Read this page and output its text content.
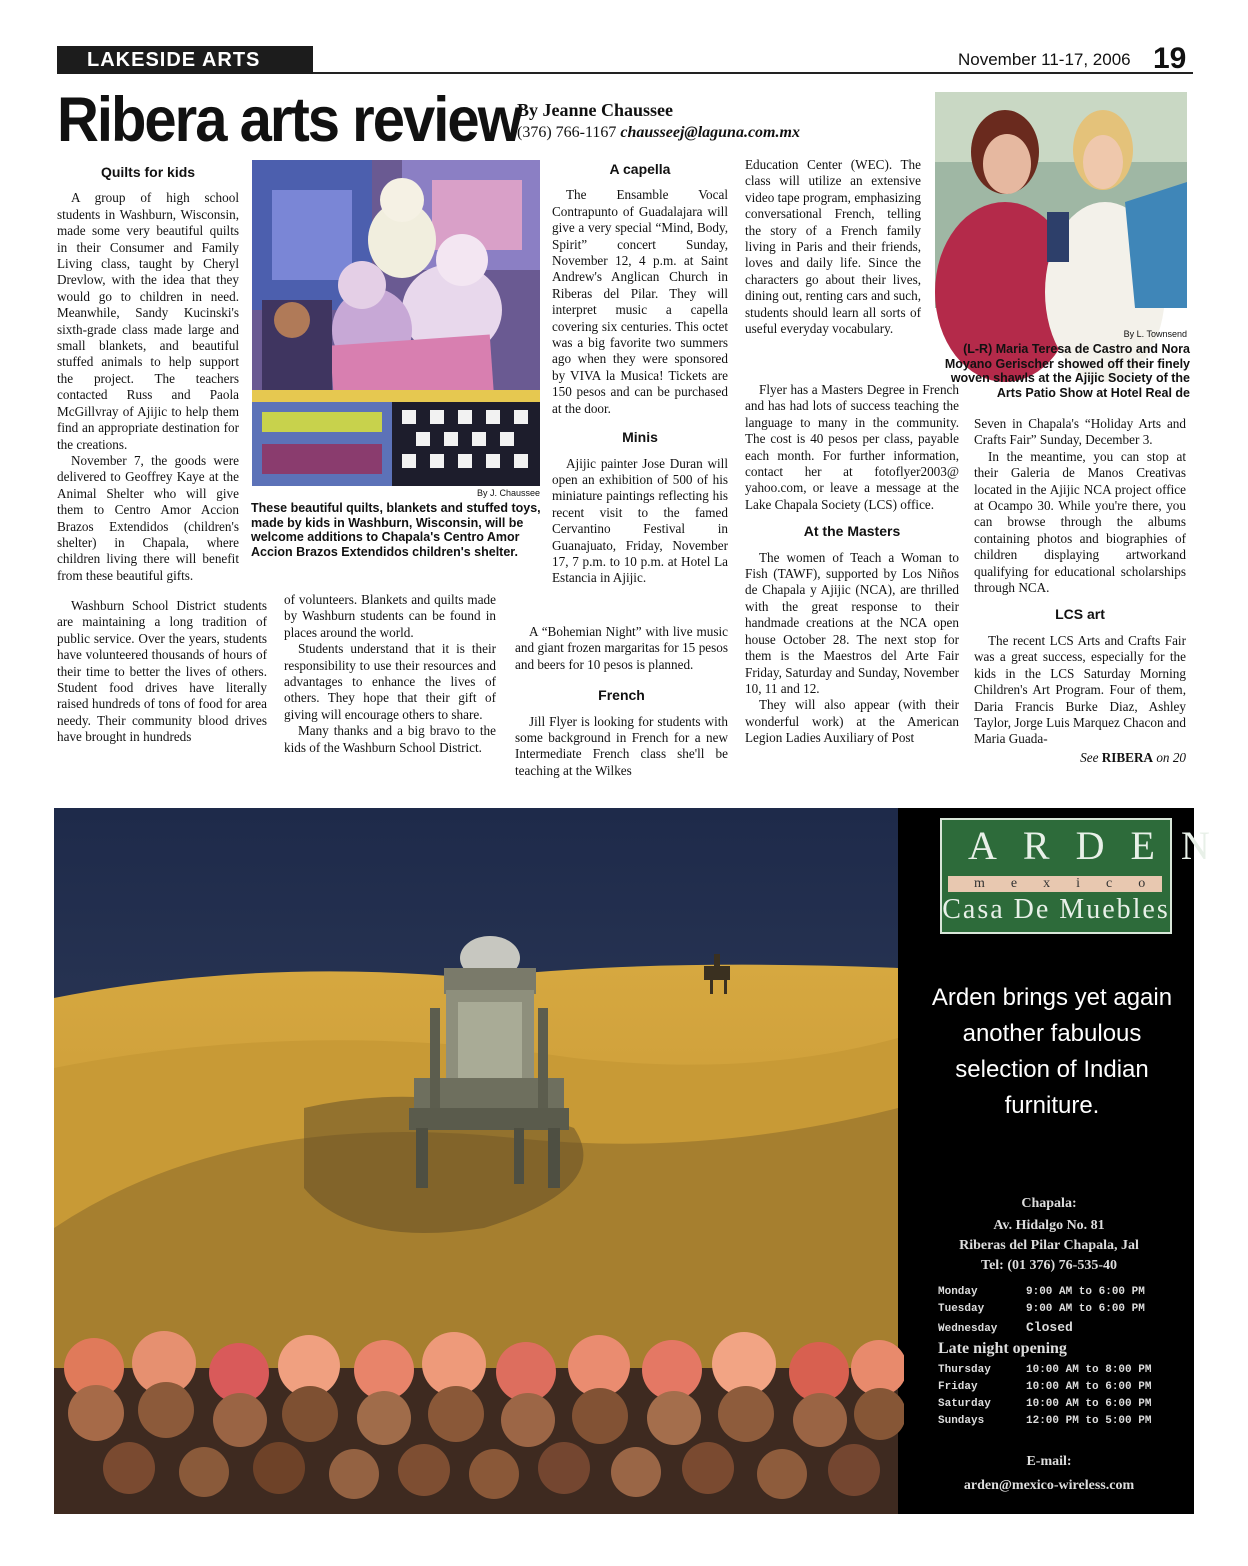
LAKESIDE ARTS	November 11-17, 2006 19
Ribera arts review
By Jeanne Chaussee
(376) 766-1167 chausseej@laguna.com.mx
Quilts for kids

A group of high school students in Washburn, Wisconsin, made some very beautiful quilts in their Consumer and Family Living class, taught by Cheryl Drevlow, with the idea that they would go to children in need. Meanwhile, Sandy Kucinski's sixth-grade class made large and small blankets, and beautiful stuffed animals to help support the project. The teachers contacted Russ and Paola McGillvray of Ajijic to help them find an appropriate destination for the creations.

November 7, the goods were delivered to Geoffrey Kaye at the Animal Shelter who will give them to Centro Amor Accion Brazos Extendidos (children's shelter) in Chapala, where children living there will benefit from these beautiful gifts.

Washburn School District students are maintaining a long tradition of public service. Over the years, students have volunteered thousands of hours of their time to better the lives of others. Student food drives have literally raised hundreds of tons of food for area needy. Their community blood drives have brought in hundreds

By J. Chaussee
These beautiful quilts, blankets and stuffed toys, made by kids in Washburn, Wisconsin, will be welcome additions to Chapala's Centro Amor Accion Brazos Extendidos children's shelter.

of volunteers. Blankets and quilts made by Washburn students can be found in places around the world.

Students understand that it is their responsibility to use their resources and advantages to enhance the lives of others. They hope that their gift of giving will encourage others to share.

Many thanks and a big bravo to the kids of the Washburn School District.

A capella

The Ensamble Vocal Contrapunto of Guadalajara will give a very special “Mind, Body, Spirit” concert Sunday, November 12, 4 p.m. at Saint Andrew's Anglican Church in Riberas del Pilar. They will interpret music a capella covering six centuries. This octet was a big favorite two summers ago when they were sponsored by VIVA la Musica! Tickets are 150 pesos and can be purchased at the door.

Minis

Ajijic painter Jose Duran will open an exhibition of 500 of his miniature paintings reflecting his recent visit to the famed Cervantino Festival in Guanajuato, Friday, November 17, 7 p.m. to 10 p.m. at Hotel La Estancia in Ajijic.

A “Bohemian Night” with live music and giant frozen margaritas for 15 pesos and beers for 10 pesos is planned.

French

Jill Flyer is looking for students with some background in French for a new Intermediate French class she'll be teaching at the Wilkes

Education Center (WEC). The class will utilize an extensive video tape program, emphasizing conversational French, telling the story of a French family living in Paris and their friends, loves and daily life. Since the characters go about their lives, dining out, renting cars and such, students should learn all sorts of useful everyday vocabulary.

Flyer has a Masters Degree in French and has had lots of success teaching the language to many in the community. The cost is 40 pesos per class, payable each month. For further information, contact her at fotoflyer2003@ yahoo.com, or leave a message at the Lake Chapala Society (LCS) office.

At the Masters

The women of Teach a Woman to Fish (TAWF), supported by Los Niños de Chapala y Ajijic (NCA), are thrilled with the great response to their handmade creations at the NCA open house October 28. The next stop for them is the Maestros del Arte Fair Friday, Saturday and Sunday, November 10, 11 and 12.

They will also appear (with their wonderful work) at the American Legion Ladies Auxiliary of Post

By L. Townsend
(L-R) Maria Teresa de Castro and Nora Moyano Gerischer showed off their finely woven shawls at the Ajijic Society of the Arts Patio Show at Hotel Real de

Seven in Chapala's “Holiday Arts and Crafts Fair” Sunday, December 3.

In the meantime, you can stop at their Galeria de Manos Creativas located in the Ajijic NCA project office at Ocampo 30. While you're there, you can browse through the albums containing photos and biographies of children displaying artworkand qualifying for educational scholarships through NCA.

LCS art

The recent LCS Arts and Crafts Fair was a great success, especially for the kids in the LCS Saturday Morning Children's Art Program. Four of them, Daria Francis Burke Diaz, Ashley Taylor, Jorge Luis Marquez Chacon and Maria Guada-

See RIBERA on 20
ARDEN
mexico
Casa De Muebles
Arden brings yet again another fabulous selection of Indian furniture.
Chapala:
Av. Hidalgo No. 81
Riberas del Pilar Chapala, Jal
Tel: (01 376) 76-535-40
Monday	9:00 AM to 6:00 PM
Tuesday	9:00 AM to 6:00 PM
Wednesday Closed
Late night opening
Thursday	10:00 AM to 8:00 PM
Friday	10:00 AM to 6:00 PM
Saturday	10:00 AM to 6:00 PM
Sundays	12:00 PM to 5:00 PM
E-mail:
arden@mexico-wireless.com
